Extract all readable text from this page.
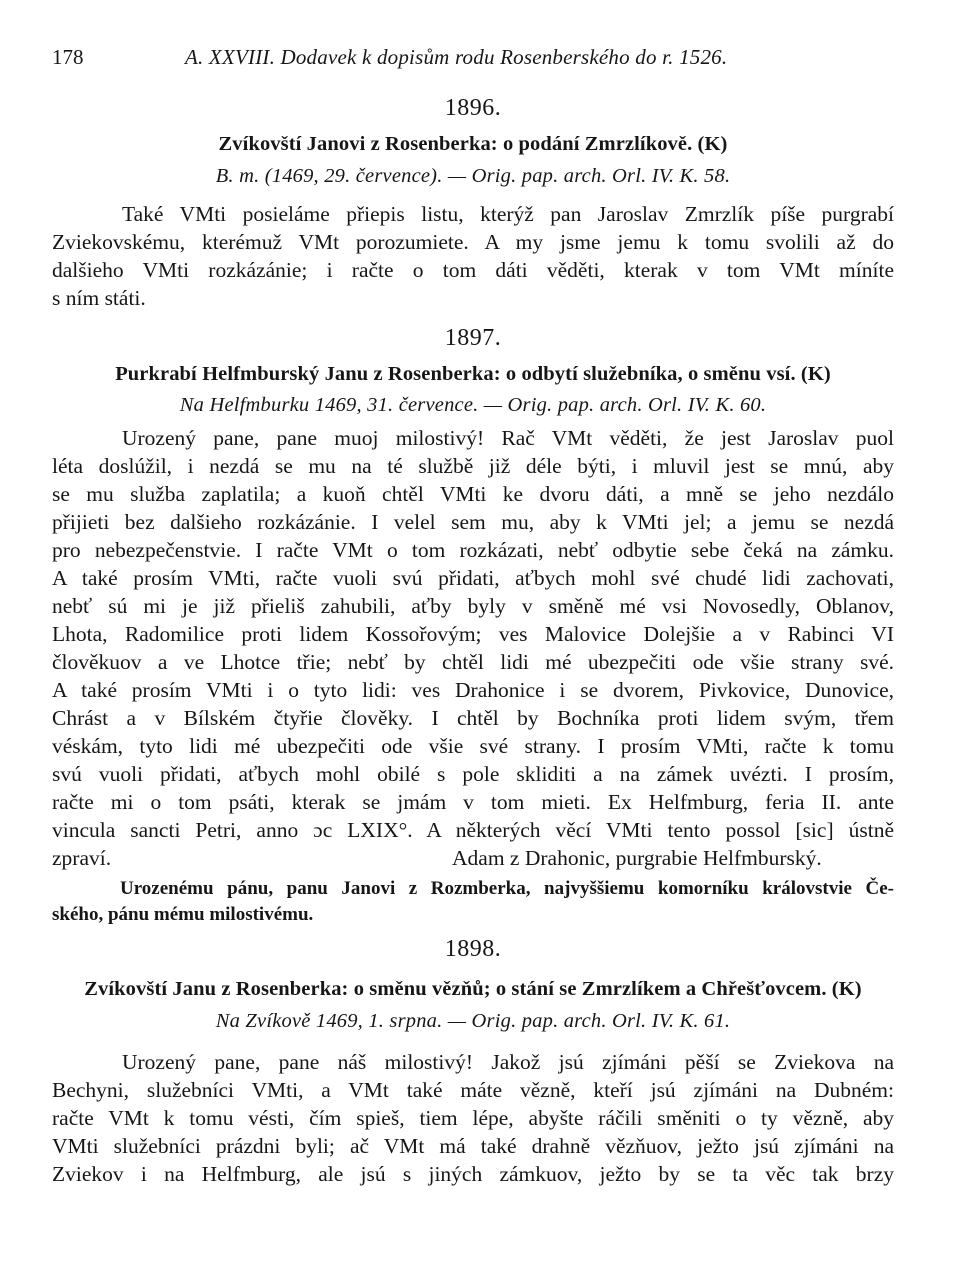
178	A. XXVIII. Dodavek k dopisům rodu Rosenberského do r. 1526.
1896.
Zvíkovští Janovi z Rosenberka: o podání Zmrzlíkově. (K)
B. m. (1469, 29. července). — Orig. pap. arch. Orl. IV. K. 58.
Také VMti posieláme přiepis listu, kterýž pan Jaroslav Zmrzlík píše purgrabí
Zviekovskému, kterémuž VMt porozumiete. A my jsme jemu k tomu svolili až do
dalšieho VMti rozkázánie; i račte o tom dáti věděti, kterak v tom VMt míníte
s ním státi.
1897.
Purkrabí Helfmburský Janu z Rosenberka: o odbytí služebníka, o směnu vsí. (K)
Na Helfmburku 1469, 31. července. — Orig. pap. arch. Orl. IV. K. 60.
Urozený pane, pane muoj milostivý! Rač VMt věděti, že jest Jaroslav puol
léta doslúžil, i nezdá se mu na té službě již déle býti, i mluvil jest se mnú, aby
se mu služba zaplatila; a kuoň chtěl VMti ke dvoru dáti, a mně se jeho nezdálo
přijieti bez dalšieho rozkázánie. I velel sem mu, aby k VMti jel; a jemu se nezdá
pro nebezpečenstvie. I račte VMt o tom rozkázati, nebť odbytie sebe čeká na zámku.
A také prosím VMti, račte vuoli svú přidati, aťbych mohl své chudé lidi zachovati,
nebť sú mi je již přieliš zahubili, aťby byly v směně mé vsi Novosedly, Oblanov,
Lhota, Radomilice proti lidem Kossořovým; ves Malovice Dolejšie a v Rabinci VI
člověkuov a ve Lhotce třie; nebť by chtěl lidi mé ubezpečiti ode všie strany své.
A také prosím VMti i o tyto lidi: ves Drahonice i se dvorem, Pivkovice, Dunovice,
Chrást a v Bílském čtyřie člověky. I chtěl by Bochníka proti lidem svým, třem
véskám, tyto lidi mé ubezpečiti ode všie své strany. I prosím VMti, račte k tomu
svú vuoli přidati, aťbych mohl obilé s pole skliditi a na zámek uvézti. I prosím,
račte mi o tom psáti, kterak se jmám v tom mieti. Ex Helfmburg, feria II. ante
vincula sancti Petri, anno ɔc LXIX°. A některých věcí VMti tento possol [sic] ústně
zpraví.	Adam z Drahonic, purgrabie Helfmburský.
Urozenému pánu, panu Janovi z Rozmberka, najvyššiemu komorníku královstvie Če-
ského, pánu mému milostivému.
1898.
Zvíkovští Janu z Rosenberka: o směnu vězňů; o stání se Zmrzlíkem a Chřešťovcem. (K)
Na Zvíkově 1469, 1. srpna. — Orig. pap. arch. Orl. IV. K. 61.
Urozený pane, pane náš milostivý! Jakož jsú zjímáni pěší se Zviekova na
Bechyni, služebníci VMti, a VMt také máte vězně, kteří jsú zjímáni na Dubném:
račte VMt k tomu vésti, čím spieš, tiem lépe, abyšte ráčili směniti o ty vězně, aby
VMti služebníci prázdni byli; ač VMt má také drahně vězňuov, ježto jsú zjímáni na
Zviekov i na Helfmburg, ale jsú s jiných zámkuov, ježto by se ta věc tak brzy
